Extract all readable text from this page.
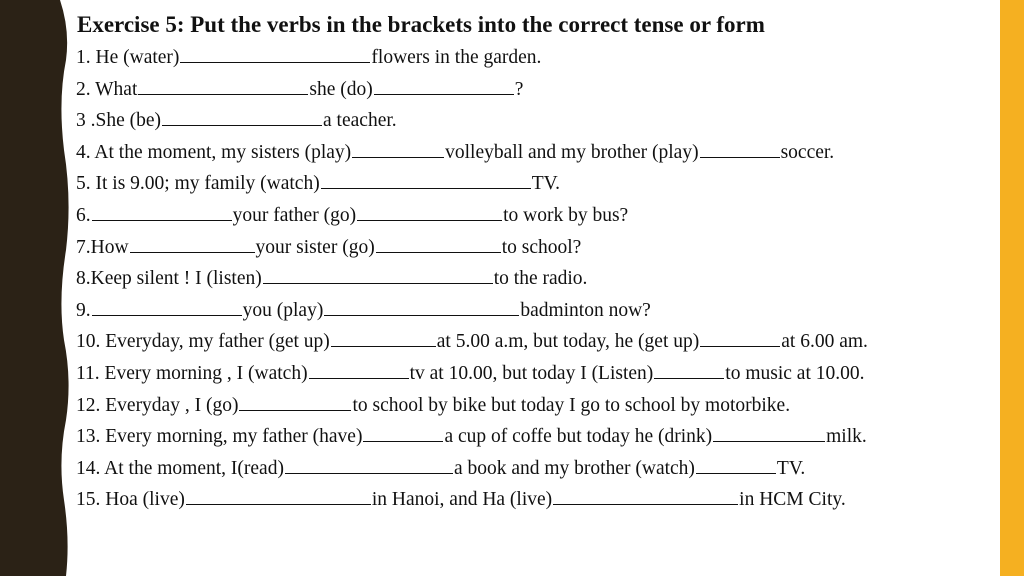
Exercise 5: Put the verbs in the brackets into the correct tense or form
1. He (water)	flowers in the garden.
2. What	she (do)	?
3 .She (be)	a teacher.
4. At the moment, my sisters (play)	volleyball and my brother (play)	soccer.
5. It is 9.00; my family (watch)	TV.
6.	your father (go)	to work by bus?
7.How	your sister (go)	to school?
8.Keep silent ! I (listen)	to the radio.
9.	you (play)	badminton now?
10. Everyday, my father (get up)	at 5.00 a.m, but today, he (get up)	at 6.00 am.
11. Every morning , I (watch)	tv at 10.00, but today I (Listen)	to music at 10.00.
12. Everyday , I (go)	to school by bike but today I go to school by motorbike.
13. Every morning, my father (have)	a cup of coffe but today he (drink)	milk.
14. At the moment, I(read)	a book and my brother (watch)	TV.
15. Hoa (live)	in Hanoi, and Ha (live)	in HCM City.
